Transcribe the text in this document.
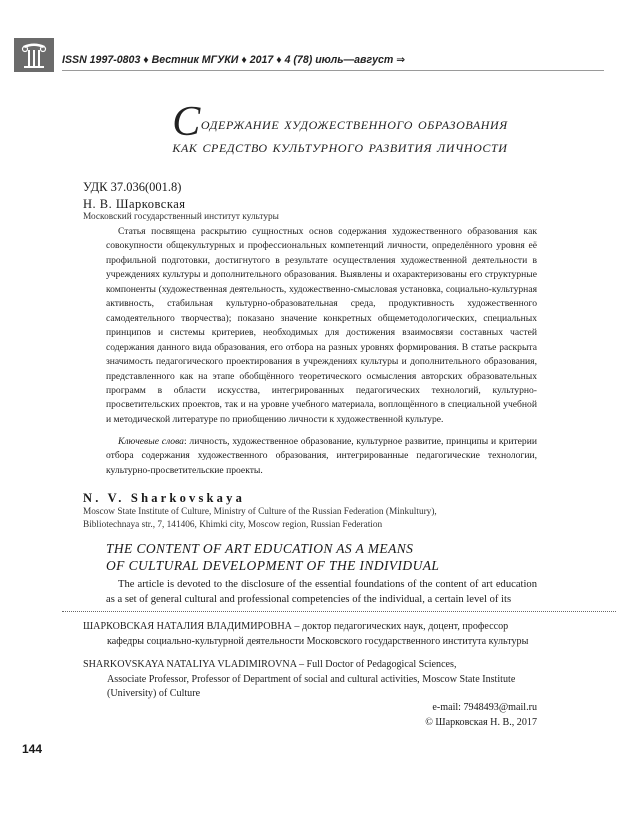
ISSN 1997-0803 ♦ Вестник МГУКИ ♦ 2017 ♦ 4 (78) июль—август ⇒
Содержание художественного образования
как средство культурного развития личности
УДК 37.036(001.8)
Н. В. Шарковская
Московский государственный институт культуры

Статья посвящена раскрытию сущностных основ содержания художественного образования как совокупности общекультурных и профессиональных компетенций личности, определённого уровня её профильной подготовки, достигнутого в результате осуществления художественной деятельности в учреждениях культуры и дополнительного образования. Выявлены и охарактеризованы его структурные компоненты (художественная деятельность, художественно-смысловая установка, социально-культурная активность, стабильная культурно-образовательная среда, продуктивность художественного самодеятельного творчества); показано значение конкретных общеметодологических, специальных принципов и системы критериев, необходимых для достижения взаимосвязи составных частей содержания данного вида образования, его отбора на разных уровнях формирования. В статье раскрыта значимость педагогического проектирования в учреждениях культуры и дополнительного образования, представленного как на этапе обобщённого теоретического осмысления авторских образовательных программ в области искусства, интегрированных педагогических технологий, культурно-просветительских проектов, так и на уровне учебного материала, воплощённого в специальной учебной и методической литературе по приобщению личности к художественной культуре.

Ключевые слова: личность, художественное образование, культурное развитие, принципы и критерии отбора содержания художественного образования, интегрированные педагогические технологии, культурно-просветительские проекты.
N. V. Sharkovskaya
Moscow State Institute of Culture, Ministry of Culture of the Russian Federation (Minkultury), Bibliotechnaya str., 7, 141406, Khimki city, Moscow region, Russian Federation
THE CONTENT OF ART EDUCATION AS A MEANS
OF CULTURAL DEVELOPMENT OF THE INDIVIDUAL
The article is devoted to the disclosure of the essential foundations of the content of art education as a set of general cultural and professional competencies of the individual, a certain level of its
ШАРКОВСКАЯ НАТАЛИЯ ВЛАДИМИРОВНА – доктор педагогических наук, доцент, профессор
кафедры социально-культурной деятельности Московского государственного института культуры
SHARKOVSKAYA NATALIYA VLADIMIROVNA – Full Doctor of Pedagogical Sciences,
Associate Professor, Professor of Department of social and cultural activities, Moscow State Institute (University) of Culture
e-mail: 7948493@mail.ru
© Шарковская Н. В., 2017
144
